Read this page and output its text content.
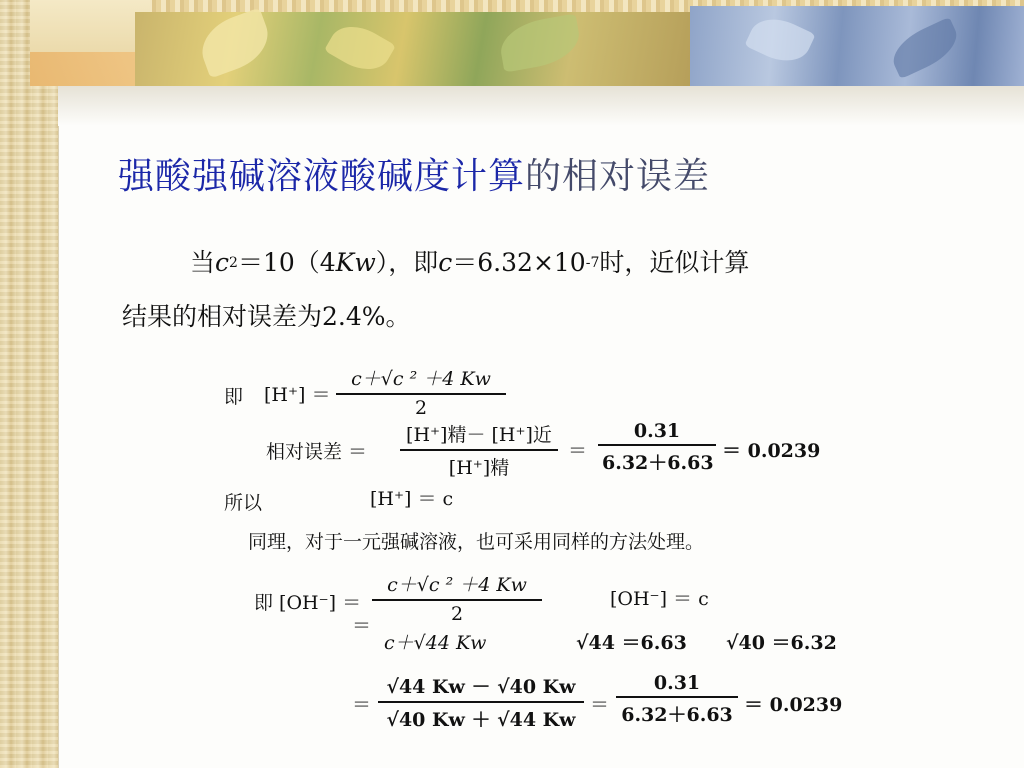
强酸强碱溶液酸碱度计算的相对误差
当$c^2=10(4Kw)$，即$c=6.32\times 10^{-7}$时，近似计算
结果的相对误差为2.4%。
即 [H⁺] ＝
c＋√c ² ＋4 Kw
2
相对误差 ＝
[H⁺]精－ [H⁺]近
[H⁺]精
＝
0.31
6.32＋6.63
＝ 0.0239
所以	[H⁺] ＝ c
同理，对于一元强碱溶液，也可采用同样的方法处理。
即 [OH⁻] ＝
c＋√c ² ＋4 Kw
2
[OH⁻] ＝ c
＝
c＋√44 Kw	√44 ＝6.63 √40 ＝6.32
＝
√44 Kw － √40 Kw
√40 Kw ＋ √44 Kw
＝
0.31
6.32＋6.63 ＝ 0.0239
